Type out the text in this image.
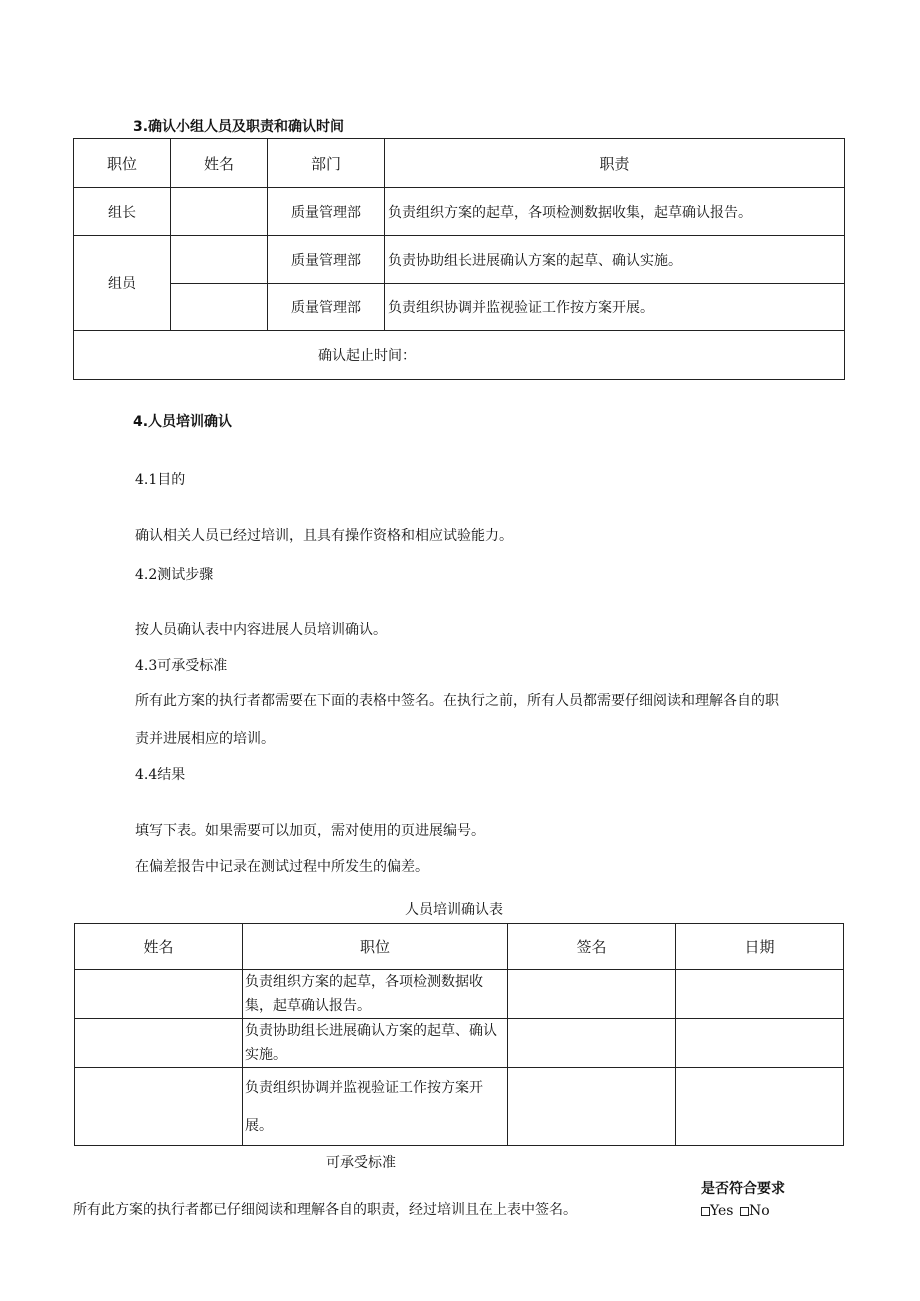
3.确认小组人员及职责和确认时间
职位	姓名	部门	职责
组长		质量管理部	负责组织方案的起草，各项检测数据收集，起草确认报告。
组员		质量管理部	负责协助组长进展确认方案的起草、确认实施。
		质量管理部	负责组织协调并监视验证工作按方案开展。
确认起止时间：			
4.人员培训确认
4.1目的
确认相关人员已经过培训，且具有操作资格和相应试验能力。
4.2测试步骤
按人员确认表中内容进展人员培训确认。
4.3可承受标准
所有此方案的执行者都需要在下面的表格中签名。在执行之前，所有人员都需要仔细阅读和理解各自的职
责并进展相应的培训。
4.4结果
填写下表。如果需要可以加页，需对使用的页进展编号。
在偏差报告中记录在测试过程中所发生的偏差。
人员培训确认表
姓名	职位	签名	日期
	负责组织方案的起草，各项检测数据收集，起草确认报告。		
	负责协助组长进展确认方案的起草、确认实施。		
	负责组织协调并监视验证工作按方案开展。		
可承受标准
是否符合要求
所有此方案的执行者都已仔细阅读和理解各自的职责，经过培训且在上表中签名。	Yes No
